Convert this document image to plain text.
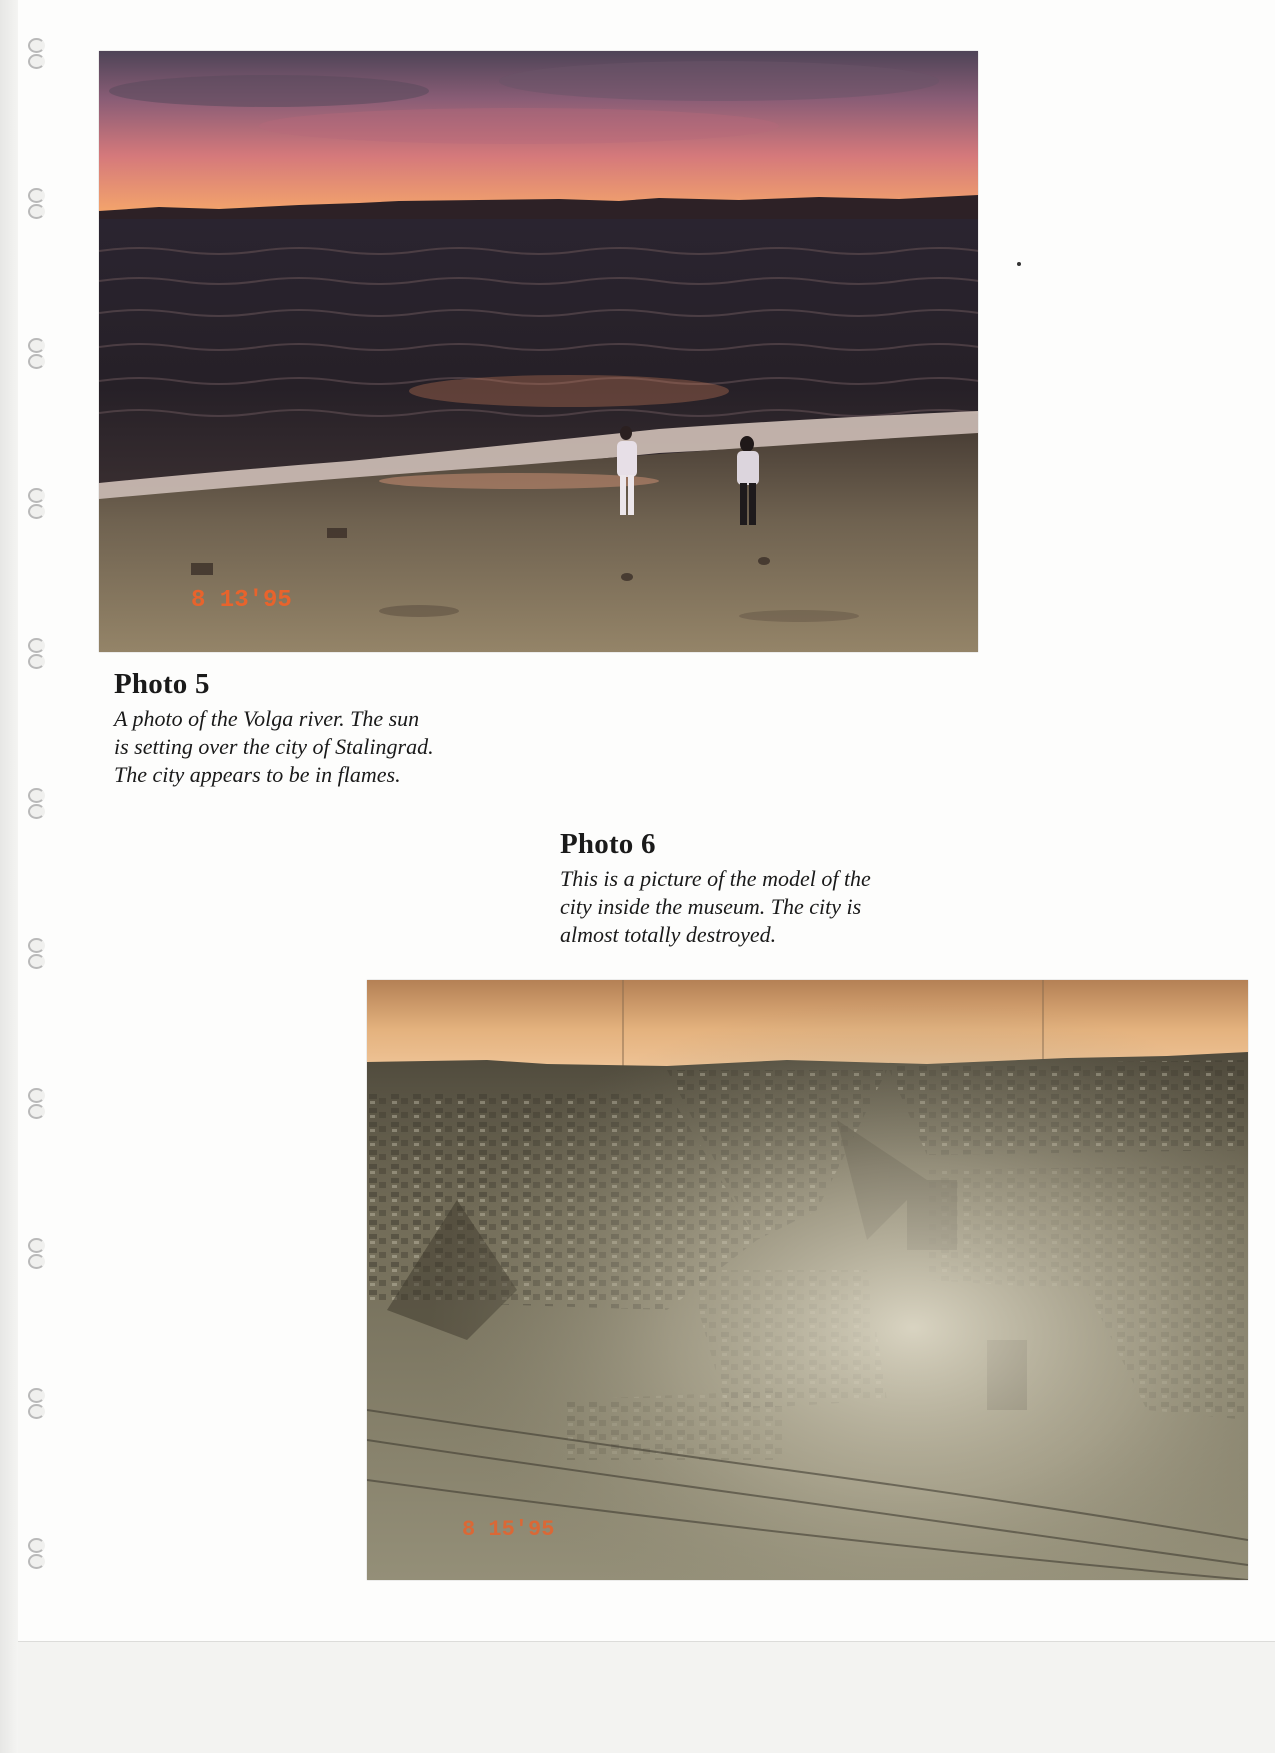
8 13'95
Photo 5
A photo of the Volga river. The sun
is setting over the city of Stalingrad.
The city appears to be in flames.
Photo 6
This is a picture of the model of the
city inside the museum. The city is
almost totally destroyed.
8 15'95
